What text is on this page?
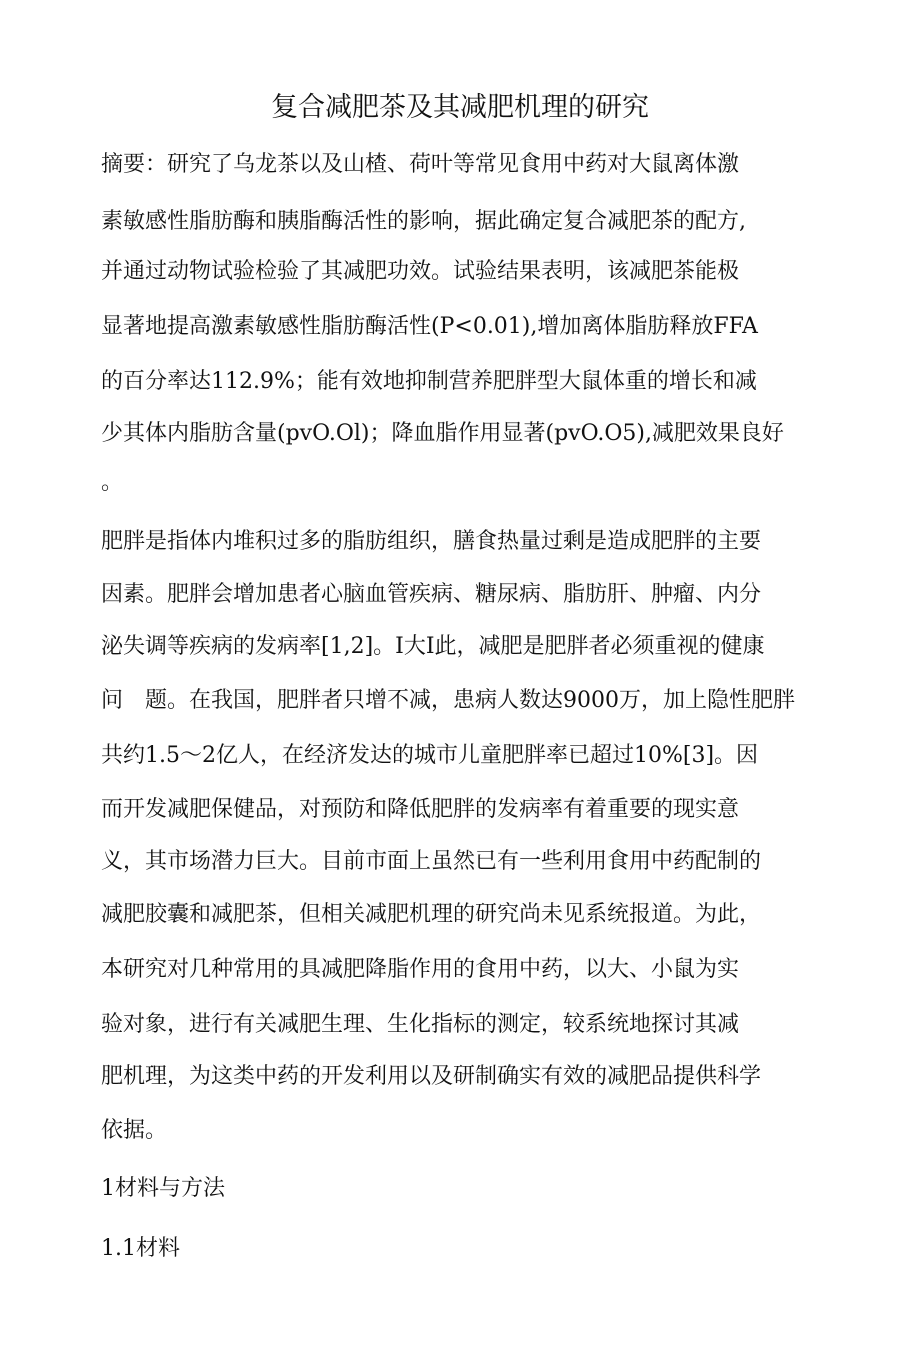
复合减肥茶及其减肥机理的研究
摘要：研究了乌龙茶以及山楂、荷叶等常见食用中药对大鼠离体激
素敏感性脂肪酶和胰脂酶活性的影响，据此确定复合减肥茶的配方,
并通过动物试验检验了其减肥功效。试验结果表明，该减肥茶能极
显著地提高激素敏感性脂肪酶活性(P<0.01),增加离体脂肪释放FFA
的百分率达112.9%；能有效地抑制营养肥胖型大鼠体重的增长和减
少其体内脂肪含量(pvO.Ol)；降血脂作用显著(pvO.O5),减肥效果良好
。
肥胖是指体内堆积过多的脂肪组织，膳食热量过剩是造成肥胖的主要
因素。肥胖会增加患者心脑血管疾病、糖尿病、脂肪肝、肿瘤、内分
泌失调等疾病的发病率[1,2]。I大I此，减肥是肥胖者必须重视的健康
问　题。在我国，肥胖者只增不减，患病人数达9000万，加上隐性肥胖
共约1.5～2亿人，在经济发达的城市儿童肥胖率已超过10%[3]。因
而开发减肥保健品，对预防和降低肥胖的发病率有着重要的现实意
义，其市场潜力巨大。目前市面上虽然已有一些利用食用中药配制的
减肥胶囊和减肥茶，但相关减肥机理的研究尚未见系统报道。为此，
本研究对几种常用的具减肥降脂作用的食用中药，以大、小鼠为实
验对象，进行有关减肥生理、生化指标的测定，较系统地探讨其减
肥机理，为这类中药的开发利用以及研制确实有效的减肥品提供科学
依据。
1材料与方法
1.1材料
